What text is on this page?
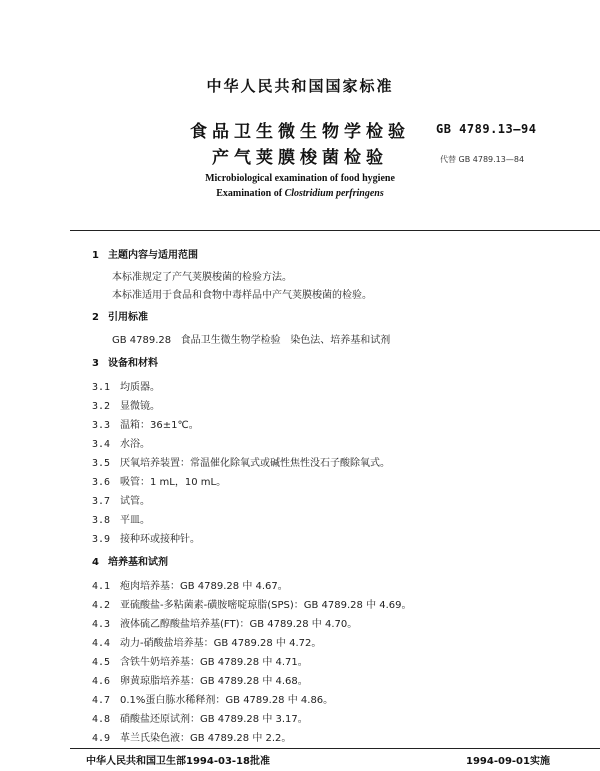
中华人民共和国国家标准
食品卫生微生物学检验
产气荚膜梭菌检验
GB 4789.13—94
代替 GB 4789.13—84
Microbiological examination of food hygiene
Examination of Clostridium perfringens
1 主题内容与适用范围
本标准规定了产气荚膜梭菌的检验方法。
本标准适用于食品和食物中毒样品中产气荚膜梭菌的检验。
2 引用标准
GB 4789.28   食品卫生微生物学检验   染色法、培养基和试剂
3 设备和材料
3.1 均质器。
3.2 显微镜。
3.3 温箱：36±1℃。
3.4 水浴。
3.5 厌氧培养装置：常温催化除氧式或碱性焦性没石子酸除氧式。
3.6 吸管：1 mL，10 mL。
3.7 试管。
3.8 平皿。
3.9 接种环或接种针。
4 培养基和试剂
4.1 疱肉培养基：GB 4789.28 中 4.67。
4.2 亚硫酸盐-多粘菌素-磺胺嘧啶琼脂(SPS)：GB 4789.28 中 4.69。
4.3 液体硫乙醇酸盐培养基(FT)：GB 4789.28 中 4.70。
4.4 动力-硝酸盐培养基：GB 4789.28 中 4.72。
4.5 含铁牛奶培养基：GB 4789.28 中 4.71。
4.6 卵黄琼脂培养基：GB 4789.28 中 4.68。
4.7 0.1%蛋白胨水稀释剂：GB 4789.28 中 4.86。
4.8 硝酸盐还原试剂：GB 4789.28 中 3.17。
4.9 革兰氏染色液：GB 4789.28 中 2.2。
中华人民共和国卫生部1994-03-18批准	1994-09-01实施
